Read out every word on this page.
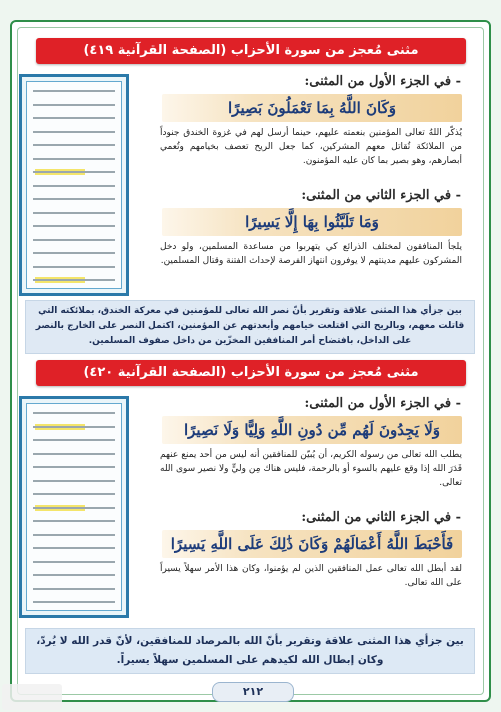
مثنى مُعجز من سورة الأحزاب (الصفحة القرآنية ٤١٩)
- في الجزء الأول من المثنى:
وَكَانَ اللَّهُ بِمَا تَعْمَلُونَ بَصِيرًا
يُذكّر اللهُ تعالى المؤمنين بنعمته عليهم، حينما أرسل لهم في غزوة الخندق جنوداً من الملائكة تُقاتل معهم المشركين، كما جعل الريح تعصف بخيامهم وتُعمي أبصارهم، وهو بصير بما كان عليه المؤمنون.
- في الجزء الثاني من المثنى:
وَمَا تَلَبَّثُوا بِهَا إِلَّا يَسِيرًا
يلجأ المنافقون لمختلف الذرائع كي يتهربوا من مساعدة المسلمين، ولو دخل المشركون عليهم مدينتهم لا يوفرون انتهاز الفرصة لإحداث الفتنة وقتال المسلمين.
بين جزأي هذا المثنى علاقة وتقرير بأنّ نصر الله تعالى للمؤمنين في معركة الخندق، بملائكته التي قاتلت معهم، وبالريح التي اقتلعت خيامهم وأبعدتهم عن المؤمنين، اكتمل النصر على الخارج بالنصر على الداخل، بافتضاح أمر المنافقين المخزّين من داخل صفوف المسلمين.
مثنى مُعجز من سورة الأحزاب (الصفحة القرآنية ٤٢٠)
- في الجزء الأول من المثنى:
وَلَا يَجِدُونَ لَهُم مِّن دُونِ اللَّهِ وَلِيًّا وَلَا نَصِيرًا
يطلب الله تعالى من رسوله الكريم، أن يُبيّن للمنافقين أنه ليس من أحد يمنع عنهم قَدَرَ الله إذا وقع عليهم بالسوء أو بالرحمة، فليس هناك مِن وليٍّ ولا نصير سوى الله تعالى.
- في الجزء الثاني من المثنى:
فَأَحْبَطَ اللَّهُ أَعْمَالَهُمْ وَكَانَ ذَٰلِكَ عَلَى اللَّهِ يَسِيرًا
لقد أبطل الله تعالى عمل المنافقين الذين لم يؤمنوا، وكان هذا الأمر سهلاً يسيراً على الله تعالى.
بين جزأي هذا المثنى علاقة وتقرير بأنّ الله بالمرصاد للمنافقين، لأنّ قدر الله لا يُردّ، وكان إبطال الله لكيدهم على المسلمين سهلاً يسيراً.
٢١٢
